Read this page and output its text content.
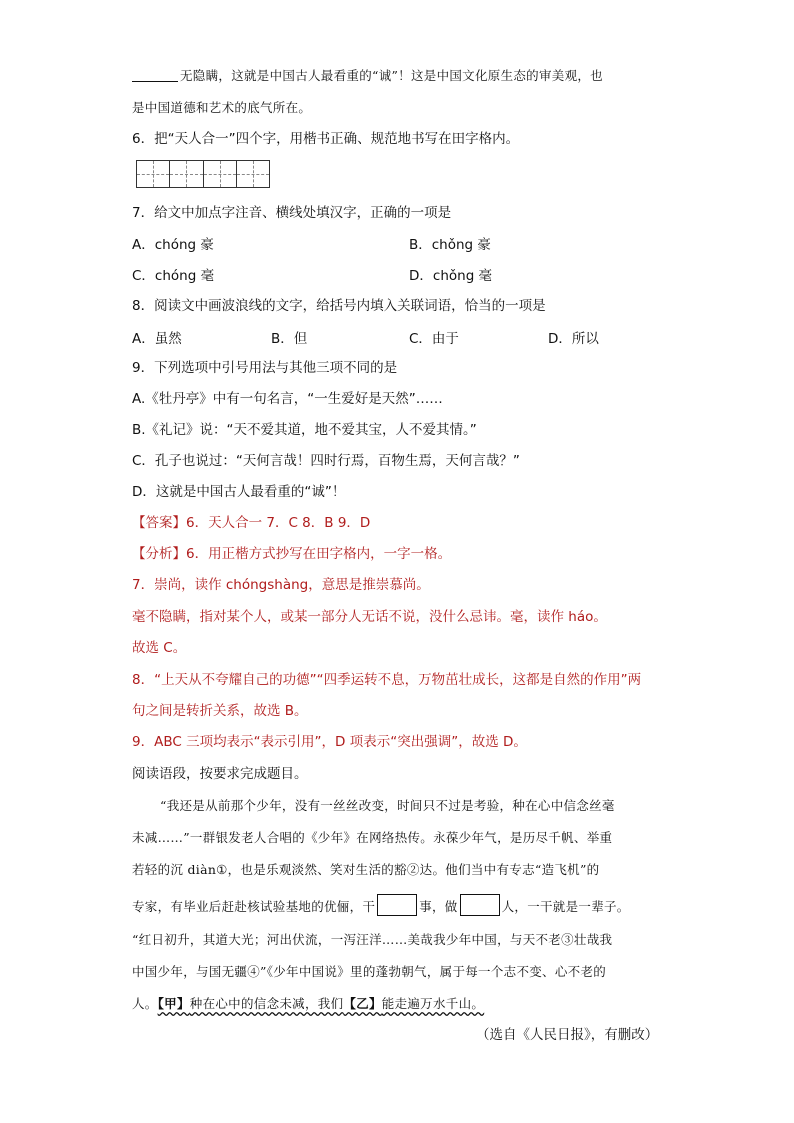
无隐瞒，这就是中国古人最看重的“诚”！这是中国文化原生态的审美观，也
是中国道德和艺术的底气所在。
6．把“天人合一”四个字，用楷书正确、规范地书写在田字格内。
7．给文中加点字注音、横线处填汉字，正确的一项是
A．chóng 豪	B．chǒng 豪
C．chóng 毫	D．chǒng 毫
8．阅读文中画波浪线的文字，给括号内填入关联词语，恰当的一项是
A．虽然	B．但	C．由于	D．所以
9．下列选项中引号用法与其他三项不同的是
A.《牡丹亭》中有一句名言，“一生爱好是天然”……
B.《礼记》说：“天不爱其道，地不爱其宝，人不爱其情。”
C．孔子也说过：“天何言哉！四时行焉，百物生焉，天何言哉？”
D．这就是中国古人最看重的“诚”！
【答案】6．天人合一 7．C 8．B 9．D
【分析】6．用正楷方式抄写在田字格内，一字一格。
7．崇尚，读作 chóngshàng，意思是推崇慕尚。
毫不隐瞒，指对某个人，或某一部分人无话不说，没什么忌讳。毫，读作 háo。
故选 C。
8．“上天从不夸耀自己的功德”“四季运转不息，万物茁壮成长，这都是自然的作用”两
句之间是转折关系，故选 B。
9．ABC 三项均表示“表示引用”，D 项表示“突出强调”，故选 D。
阅读语段，按要求完成题目。
“我还是从前那个少年，没有一丝丝改变，时间只不过是考验，种在心中信念丝毫
未减……”一群银发老人合唱的《少年》在网络热传。永葆少年气，是历尽千帆、举重
若轻的沉 diàn①，也是乐观淡然、笑对生活的豁②达。他们当中有专志“造飞机”的
专家，有毕业后赶赴核试验基地的优俪，干	事，做	人，一干就是一辈子。
“红日初升，其道大光；河出伏流，一泻汪洋……美哉我少年中国，与天不老③壮哉我
中国少年，与国无疆④”《少年中国说》里的蓬勃朝气，属于每一个志不变、心不老的
人。【甲】种在心中的信念未减，我们【乙】能走遍万水千山。
（选自《人民日报》，有删改）
